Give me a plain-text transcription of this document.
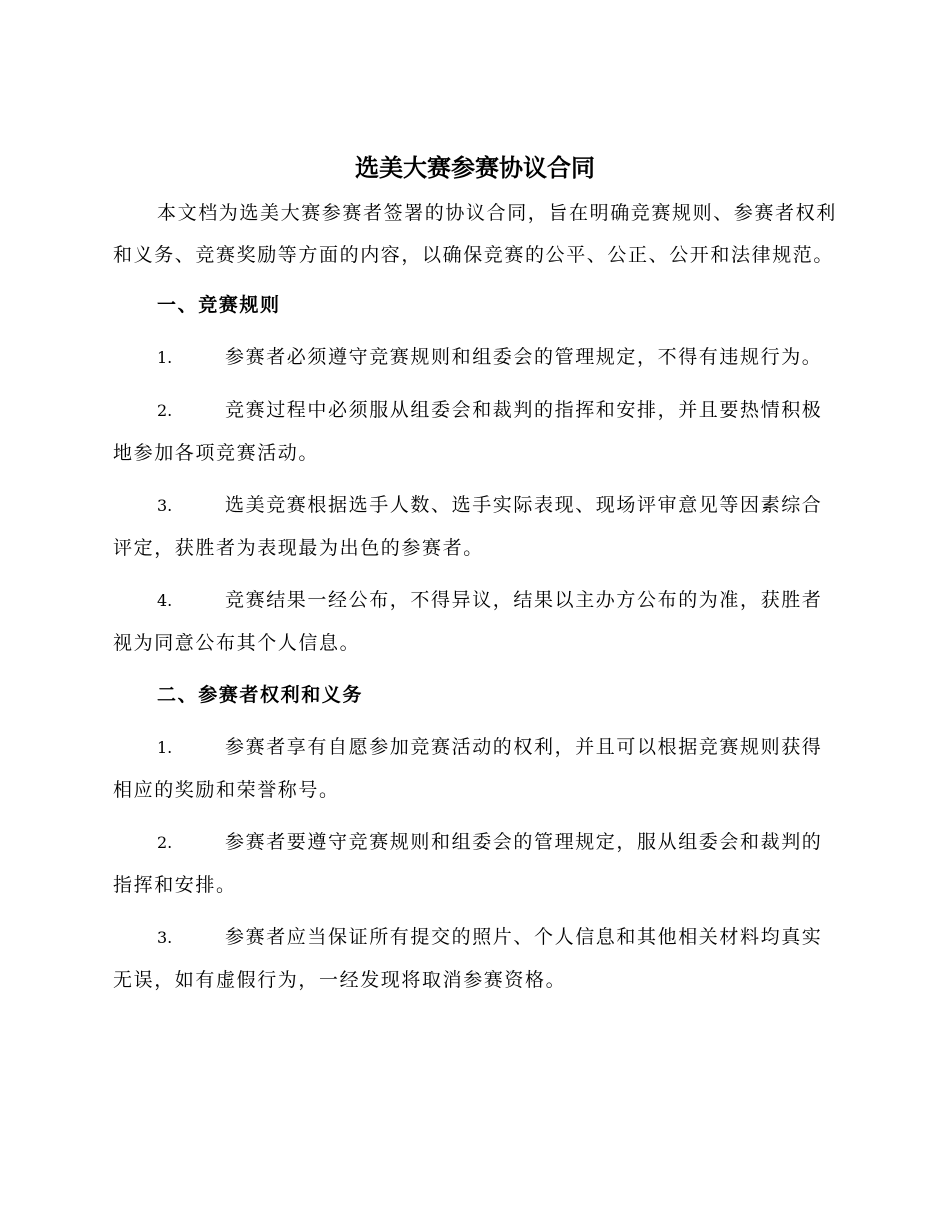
选美大赛参赛协议合同

本文档为选美大赛参赛者签署的协议合同，旨在明确竞赛规则、参赛者权利和义务、竞赛奖励等方面的内容，以确保竞赛的公平、公正、公开和法律规范。

一、竞赛规则

1.	参赛者必须遵守竞赛规则和组委会的管理规定，不得有违规行为。

2.	竞赛过程中必须服从组委会和裁判的指挥和安排，并且要热情积极地参加各项竞赛活动。

3.	选美竞赛根据选手人数、选手实际表现、现场评审意见等因素综合评定，获胜者为表现最为出色的参赛者。

4.	竞赛结果一经公布，不得异议，结果以主办方公布的为准，获胜者视为同意公布其个人信息。

二、参赛者权利和义务

1.	参赛者享有自愿参加竞赛活动的权利，并且可以根据竞赛规则获得相应的奖励和荣誉称号。

2.	参赛者要遵守竞赛规则和组委会的管理规定，服从组委会和裁判的指挥和安排。

3.	参赛者应当保证所有提交的照片、个人信息和其他相关材料均真实无误，如有虚假行为，一经发现将取消参赛资格。
